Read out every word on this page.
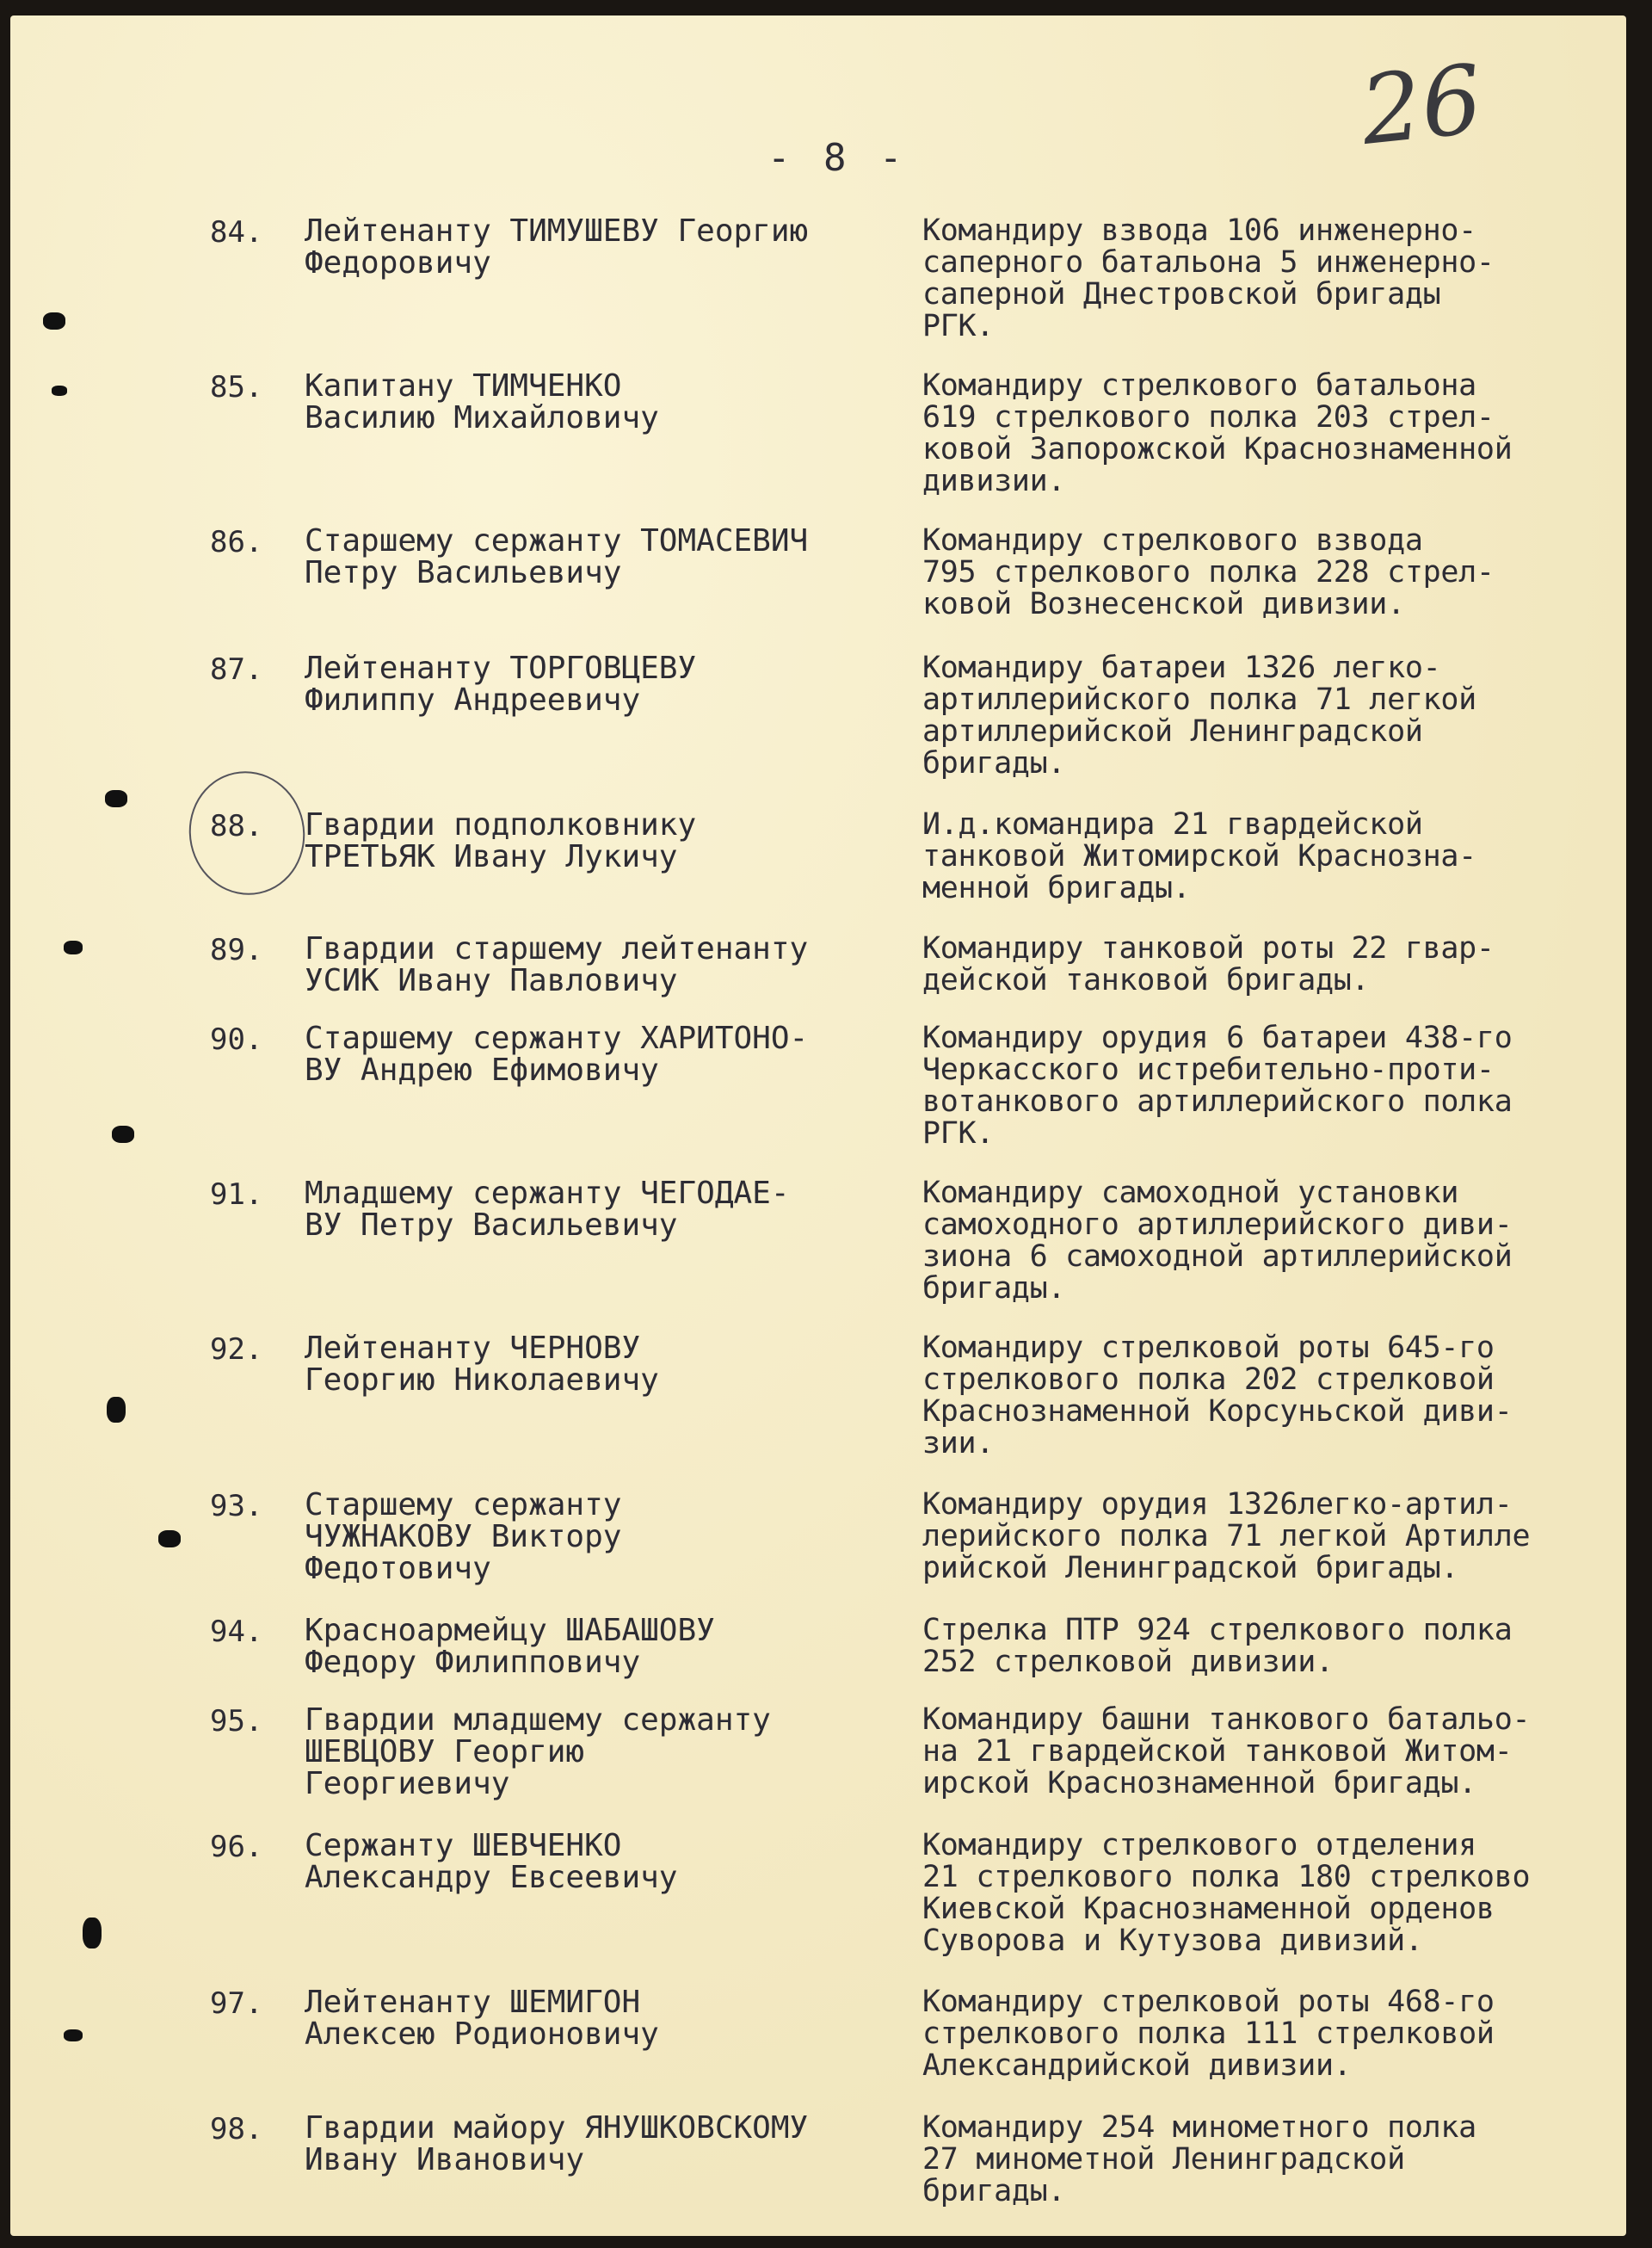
26
- 8 -
84. Лейтенанту ТИМУШЕВУ Георгию
Федоровичу
Командиру взвода 106 инженерно-
саперного батальона 5 инженерно-
саперной Днестровской бригады
РГК.
85. Капитану ТИМЧЕНКО
Василию Михайловичу
Командиру стрелкового батальона
619 стрелкового полка 203 стрел-
ковой Запорожской Краснознаменной
дивизии.
86. Старшему сержанту ТОМАСЕВИЧ
Петру Васильевичу
Командиру стрелкового взвода
795 стрелкового полка 228 стрел-
ковой Вознесенской дивизии.
87. Лейтенанту ТОРГОВЦЕВУ
Филиппу Андреевичу
Командиру батареи 1326 легко-
артиллерийского полка 71 легкой
артиллерийской Ленинградской
бригады.
88. Гвардии подполковнику
ТРЕТЬЯК Ивану Лукичу
И.д.командира 21 гвардейской
танковой Житомирской Краснозна-
менной бригады.
89. Гвардии старшему лейтенанту
УСИК Ивану Павловичу
Командиру танковой роты 22 гвар-
дейской танковой бригады.
90. Старшему сержанту ХАРИТОНО-
ВУ Андрею Ефимовичу
Командиру орудия 6 батареи 438-го
Черкасского истребительно-проти-
вотанкового артиллерийского полка
РГК.
91. Младшему сержанту ЧЕГОДАЕ-
ВУ Петру Васильевичу
Командиру самоходной установки
самоходного артиллерийского диви-
зиона 6 самоходной артиллерийской
бригады.
92. Лейтенанту ЧЕРНОВУ
Георгию Николаевичу
Командиру стрелковой роты 645-го
стрелкового полка 202 стрелковой
Краснознаменной Корсуньской диви-
зии.
93. Старшему сержанту
ЧУЖНАКОВУ Виктору
Федотовичу
Командиру орудия 1326легко-артил-
лерийского полка 71 легкой Артилле
рийской Ленинградской бригады.
94. Красноармейцу ШАБАШОВУ
Федору Филипповичу
Стрелка ПТР 924 стрелкового полка
252 стрелковой дивизии.
95. Гвардии младшему сержанту
ШЕВЦОВУ Георгию
Георгиевичу
Командиру башни танкового батальо-
на 21 гвардейской танковой Житом-
ирской Краснознаменной бригады.
96. Сержанту ШЕВЧЕНКО
Александру Евсеевичу
Командиру стрелкового отделения
21 стрелкового полка 180 стрелково
Киевской Краснознаменной орденов
Суворова и Кутузова дивизий.
97. Лейтенанту ШЕМИГОН
Алексею Родионовичу
Командиру стрелковой роты 468-го
стрелкового полка 111 стрелковой
Александрийской дивизии.
98. Гвардии майору ЯНУШКОВСКОМУ
Ивану Ивановичу
Командиру 254 минометного полка
27 минометной Ленинградской
бригады.
